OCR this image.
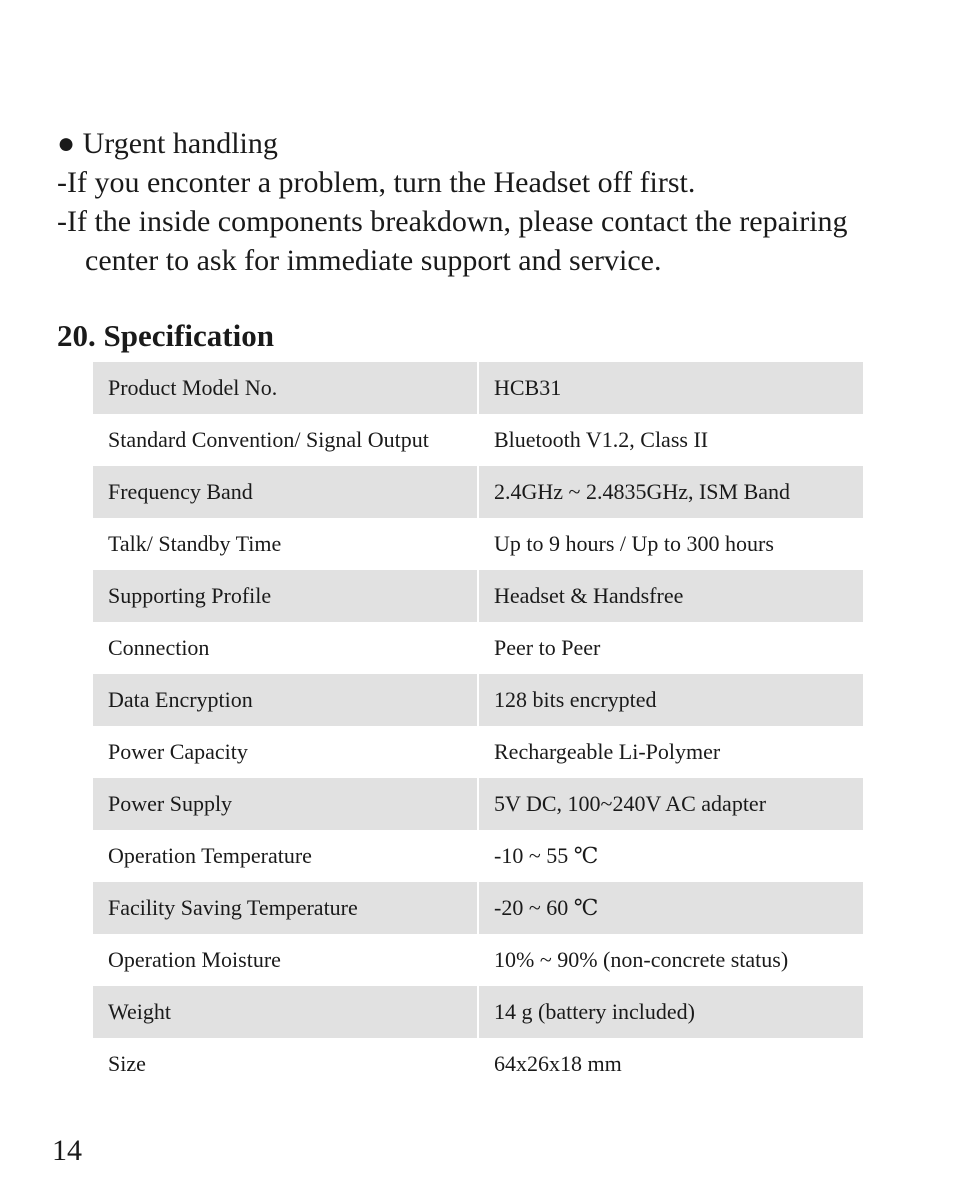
● Urgent handling

-If you enconter a problem, turn the Headset off first.

-If the inside components breakdown, please contact the repairing

center to ask for immediate support and service.

20. Specification
Product Model No.	HCB31
Standard Convention/ Signal Output	Bluetooth V1.2, Class II
Frequency Band	2.4GHz ~ 2.4835GHz, ISM Band
Talk/ Standby Time	Up to 9 hours / Up to 300 hours
Supporting Profile	Headset & Handsfree
Connection	Peer to Peer
Data Encryption	128 bits encrypted
Power Capacity	Rechargeable Li-Polymer
Power Supply	5V DC, 100~240V AC adapter
Operation Temperature	-10 ~ 55 ℃
Facility Saving Temperature	-20 ~ 60 ℃
Operation Moisture	10% ~ 90% (non-concrete status)
Weight	14 g (battery included)
Size	64x26x18 mm
14
